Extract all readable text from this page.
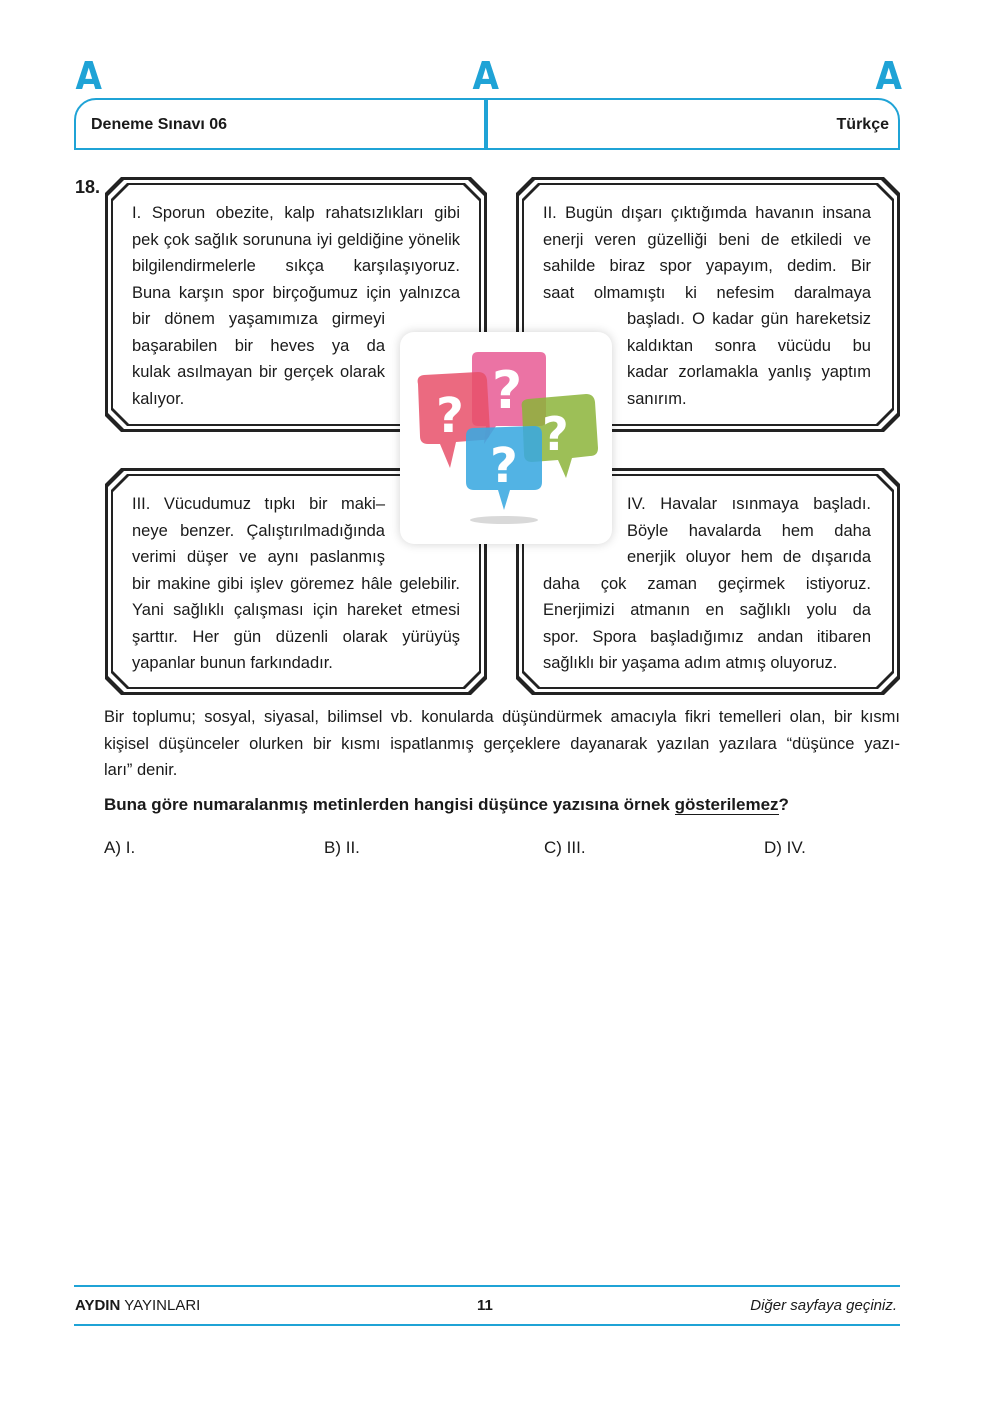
A	A	A
Deneme Sınavı 06	Türkçe
18.
I. Sporun obezite, kalp rahatsızlıkları gibi
pek çok sağlık sorununa iyi geldiğine yönelik
bilgilendirmelerle sıkça karşılaşıyoruz.
Buna karşın spor birçoğumuz için yalnızca
bir dönem yaşamımıza girmeyi
başarabilen bir heves ya da
kulak asılmayan bir gerçek olarak
kalıyor.
II. Bugün dışarı çıktığımda havanın insana
enerji veren güzelliği beni de etkiledi ve
sahilde biraz spor yapayım, dedim. Bir
saat olmamıştı ki nefesim daralmaya
başladı. O kadar gün hareketsiz
kaldıktan sonra vücüdu bu
kadar zorlamakla yanlış yaptım
sanırım.
III. Vücudumuz tıpkı bir maki–
neye benzer. Çalıştırılmadığında
verimi düşer ve aynı paslanmış
bir makine gibi işlev göremez hâle gelebilir.
Yani sağlıklı çalışması için hareket etmesi
şarttır. Her gün düzenli olarak yürüyüş
yapanlar bunun farkındadır.
IV. Havalar ısınmaya başladı.
Böyle havalarda hem daha
enerjik oluyor hem de dışarıda
daha çok zaman geçirmek istiyoruz.
Enerjimizi atmanın en sağlıklı yolu da
spor. Spora başladığımız andan itibaren
sağlıklı bir yaşama adım atmış oluyoruz.
?
? ?
?
Bir toplumu; sosyal, siyasal, bilimsel vb. konularda düşündürmek amacıyla fikri temelleri olan, bir kısmı
kişisel düşünceler olurken bir kısmı ispatlanmış gerçeklere dayanarak yazılan yazılara “düşünce yazı-
ları” denir.
Buna göre numaralanmış metinlerden hangisi düşünce yazısına örnek gösterilemez?
A) I.	B) II.	C) III.	D) IV.
AYDIN YAYINLARI	11	Diğer sayfaya geçiniz.
